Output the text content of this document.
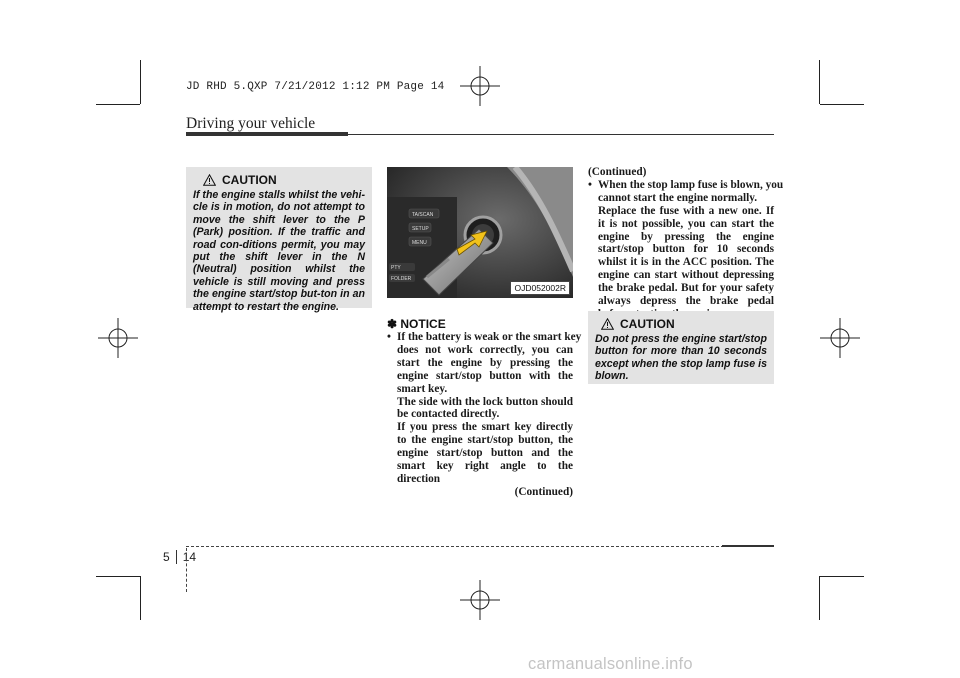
JD RHD 5.QXP 7/21/2012 1:12 PM Page 14
Driving your vehicle
CAUTION
If the engine stalls whilst the vehi-cle is in motion, do not attempt to move the shift lever to the P (Park) position. If the traffic and road con-ditions permit, you may put the shift lever in the N (Neutral) position whilst the vehicle is still moving and press the engine start/stop but-ton in an attempt to restart the engine.
TA/SCAN
SETUP
MENU
PTY
FOLDER
OJD052002R
✽ NOTICE
• If the battery is weak or the smart key
does not work correctly, you can start the engine by pressing the engine start/stop button with the smart key.
The side with the lock button should be contacted directly.
If you press the smart key directly to the engine start/stop button, the engine start/stop button and the smart key right angle to the direction
(Continued)
(Continued)
• When the stop lamp fuse is blown, you
cannot start the engine normally.
Replace the fuse with a new one. If it is not possible, you can start the engine by pressing the engine start/stop button for 10 seconds whilst it is in the ACC position. The engine can start without depressing the brake pedal. But for your safety always depress the brake pedal
CAUTION
Do not press the engine start/stop button for more than 10 seconds except when the stop lamp fuse is blown.
5 14
carmanualsonline.info
